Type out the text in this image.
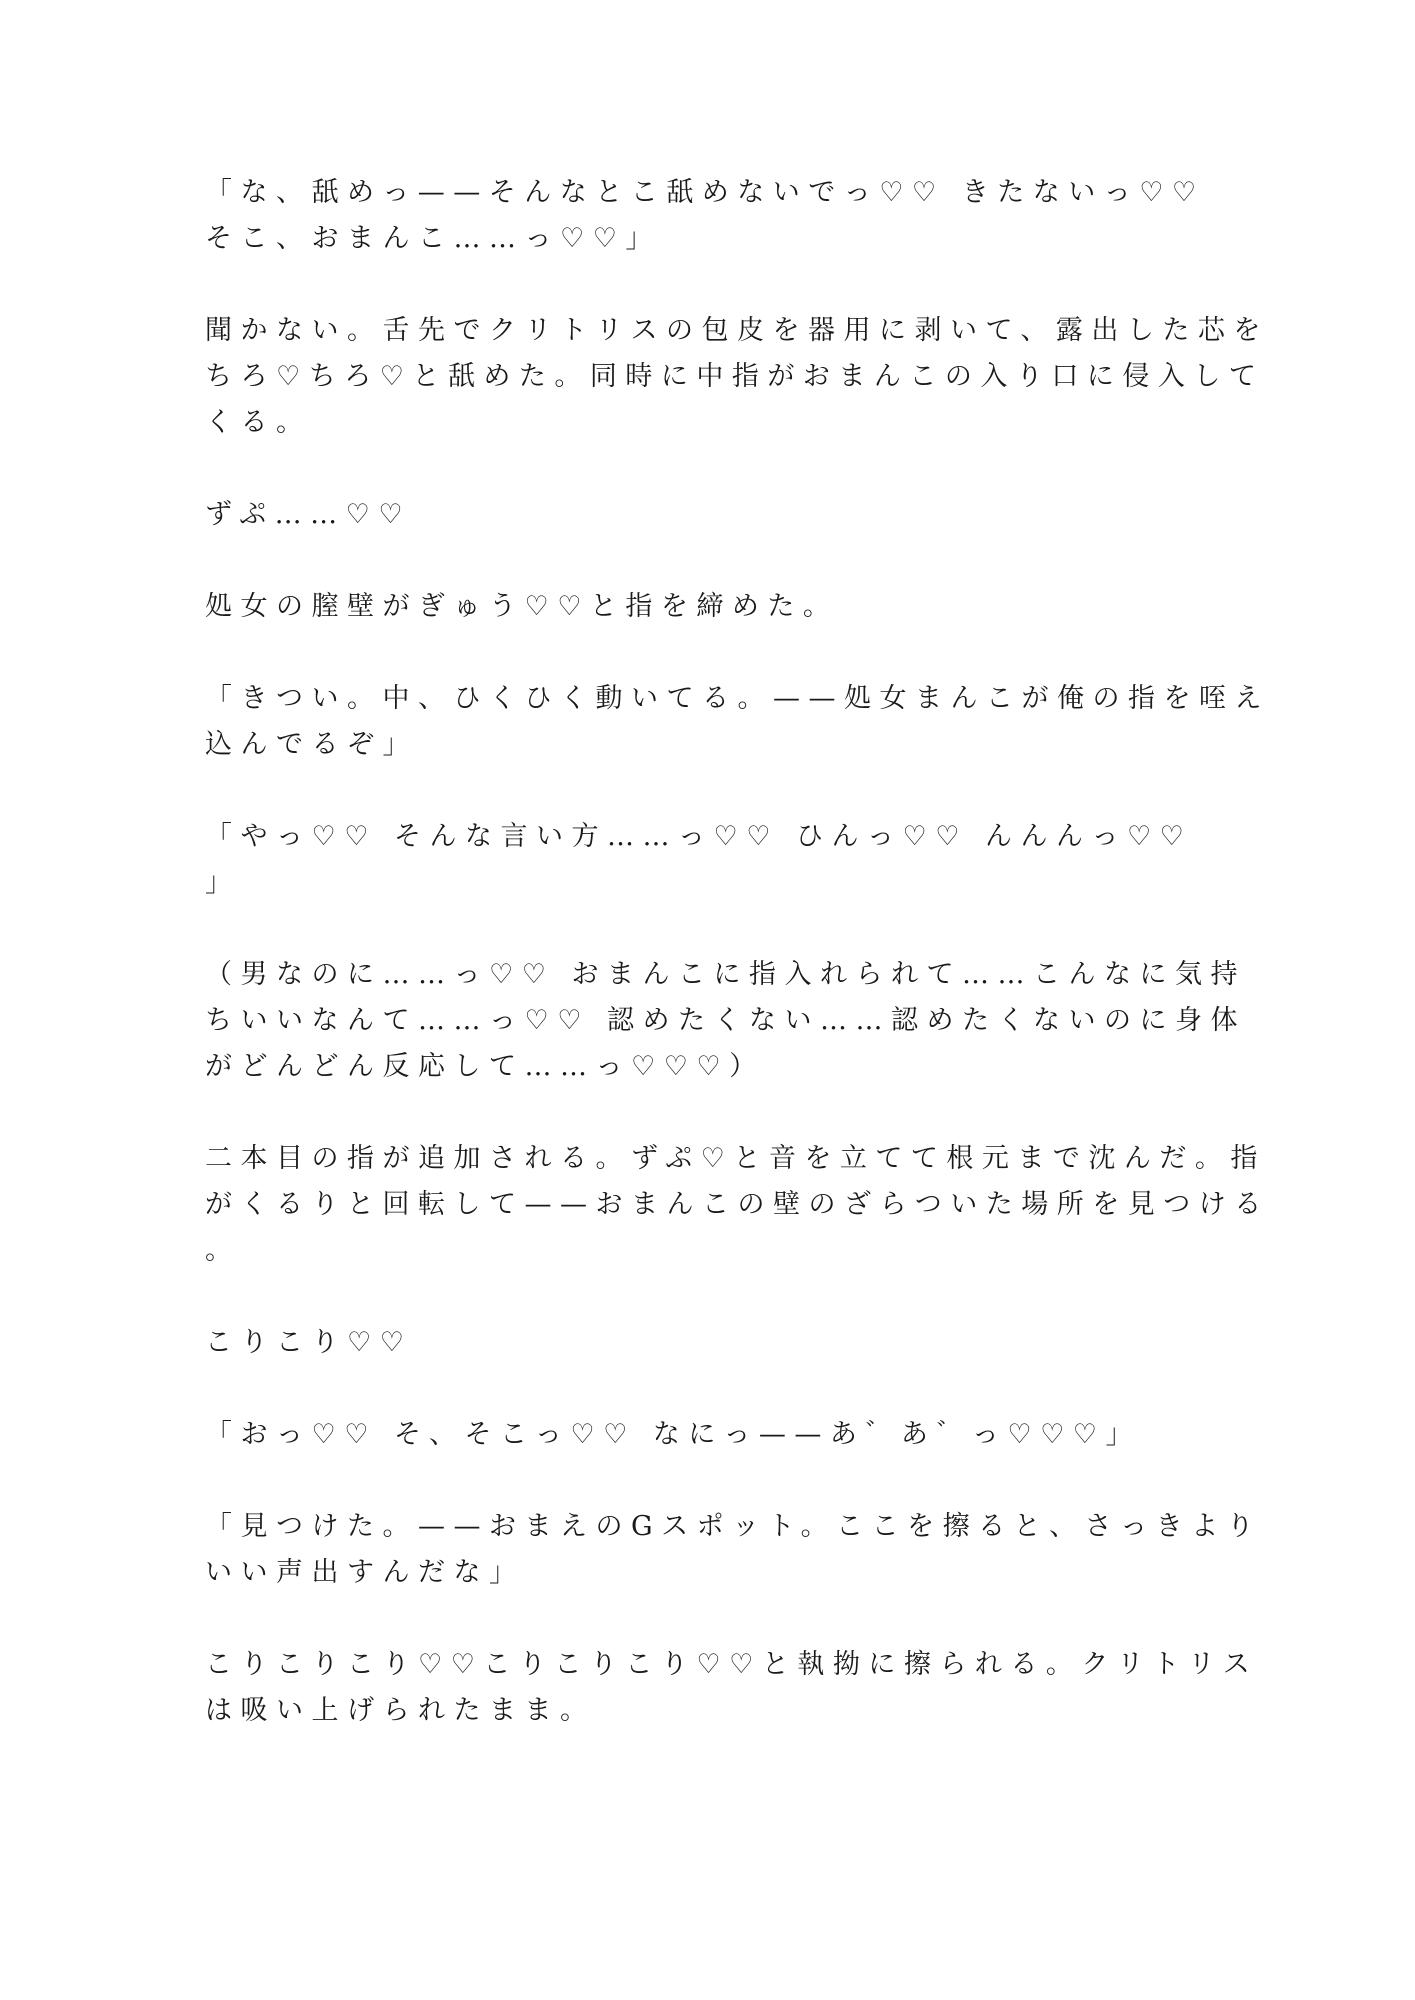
「な、舐めっ——そんなとこ舐めないでっ♡♡ きたないっ♡♡
そこ、おまんこ……っ♡♡」
聞かない。舌先でクリトリスの包皮を器用に剥いて、露出した芯を
ちろ♡ちろ♡と舐めた。同時に中指がおまんこの入り口に侵入して
くる。
ずぷ……♡♡
処女の膣壁がぎゅう♡♡と指を締めた。
「きつい。中、ひくひく動いてる。——処女まんこが俺の指を咥え
込んでるぞ」
「やっ♡♡ そんな言い方……っ♡♡ ひんっ♡♡ んんんっ♡♡
」
（男なのに……っ♡♡ おまんこに指入れられて……こんなに気持
ちいいなんて……っ♡♡ 認めたくない……認めたくないのに身体
がどんどん反応して……っ♡♡♡）
二本目の指が追加される。ずぷ♡と音を立てて根元まで沈んだ。指
がくるりと回転して——おまんこの壁のざらついた場所を見つける
。
こりこり♡♡
「おっ♡♡ そ、そこっ♡♡ なにっ——あ゛あ゛っ♡♡♡」
「見つけた。——おまえのGスポット。ここを擦ると、さっきより
いい声出すんだな」
こりこりこり♡♡こりこりこり♡♡と執拗に擦られる。クリトリス
は吸い上げられたまま。
